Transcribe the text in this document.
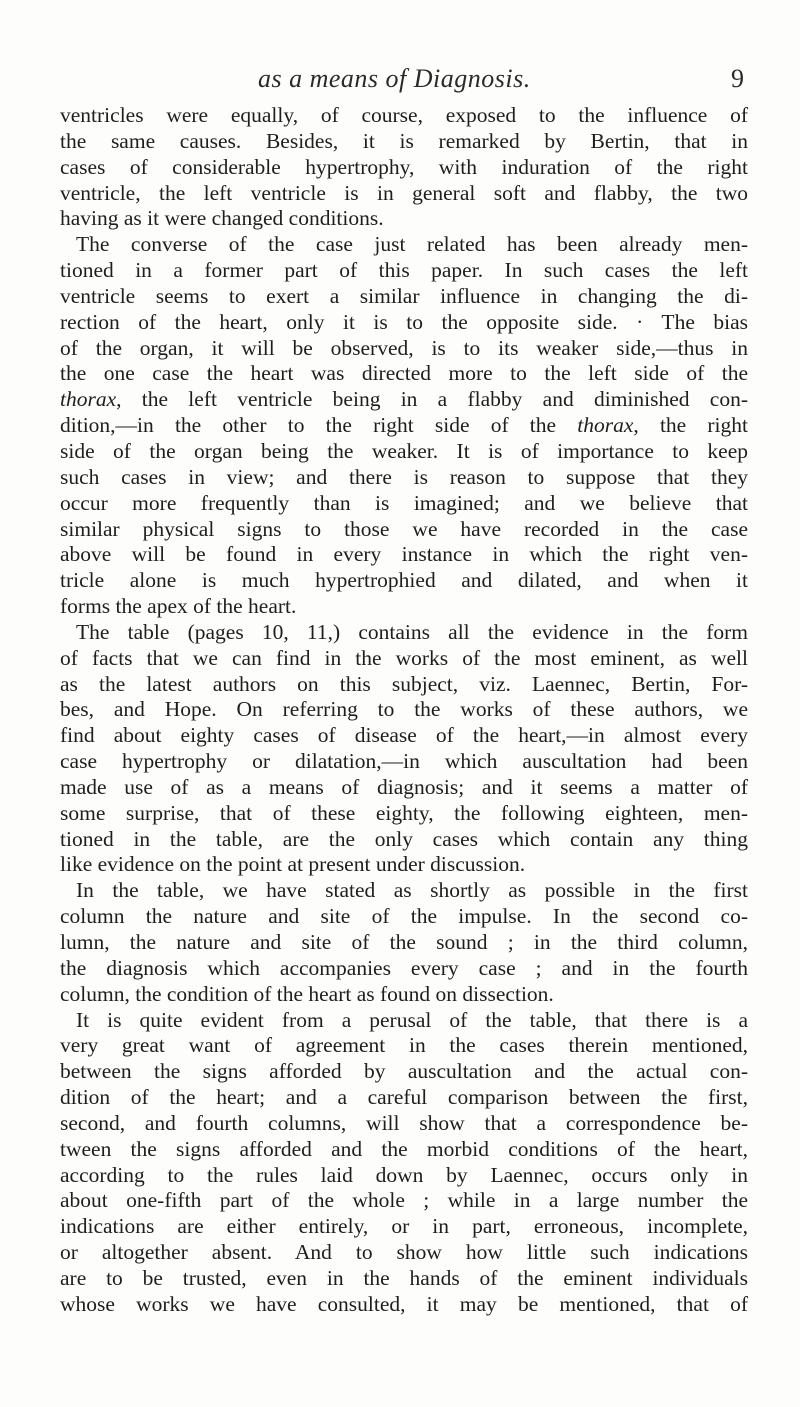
as a means of Diagnosis.	9
ventricles were equally, of course, exposed to the influence of
the same causes. Besides, it is remarked by Bertin, that in
cases of considerable hypertrophy, with induration of the right
ventricle, the left ventricle is in general soft and flabby, the two
having as it were changed conditions.
The converse of the case just related has been already men-
tioned in a former part of this paper. In such cases the left
ventricle seems to exert a similar influence in changing the di-
rection of the heart, only it is to the opposite side. · The bias
of the organ, it will be observed, is to its weaker side,—thus in
the one case the heart was directed more to the left side of the
thorax, the left ventricle being in a flabby and diminished con-
dition,—in the other to the right side of the thorax, the right
side of the organ being the weaker. It is of importance to keep
such cases in view; and there is reason to suppose that they
occur more frequently than is imagined; and we believe that
similar physical signs to those we have recorded in the case
above will be found in every instance in which the right ven-
tricle alone is much hypertrophied and dilated, and when it
forms the apex of the heart.
The table (pages 10, 11,) contains all the evidence in the form
of facts that we can find in the works of the most eminent, as well
as the latest authors on this subject, viz. Laennec, Bertin, For-
bes, and Hope. On referring to the works of these authors, we
find about eighty cases of disease of the heart,—in almost every
case hypertrophy or dilatation,—in which auscultation had been
made use of as a means of diagnosis; and it seems a matter of
some surprise, that of these eighty, the following eighteen, men-
tioned in the table, are the only cases which contain any thing
like evidence on the point at present under discussion.
In the table, we have stated as shortly as possible in the first
column the nature and site of the impulse. In the second co-
lumn, the nature and site of the sound ; in the third column,
the diagnosis which accompanies every case ; and in the fourth
column, the condition of the heart as found on dissection.
It is quite evident from a perusal of the table, that there is a
very great want of agreement in the cases therein mentioned,
between the signs afforded by auscultation and the actual con-
dition of the heart; and a careful comparison between the first,
second, and fourth columns, will show that a correspondence be-
tween the signs afforded and the morbid conditions of the heart,
according to the rules laid down by Laennec, occurs only in
about one-fifth part of the whole ; while in a large number the
indications are either entirely, or in part, erroneous, incomplete,
or altogether absent. And to show how little such indications
are to be trusted, even in the hands of the eminent individuals
whose works we have consulted, it may be mentioned, that of
